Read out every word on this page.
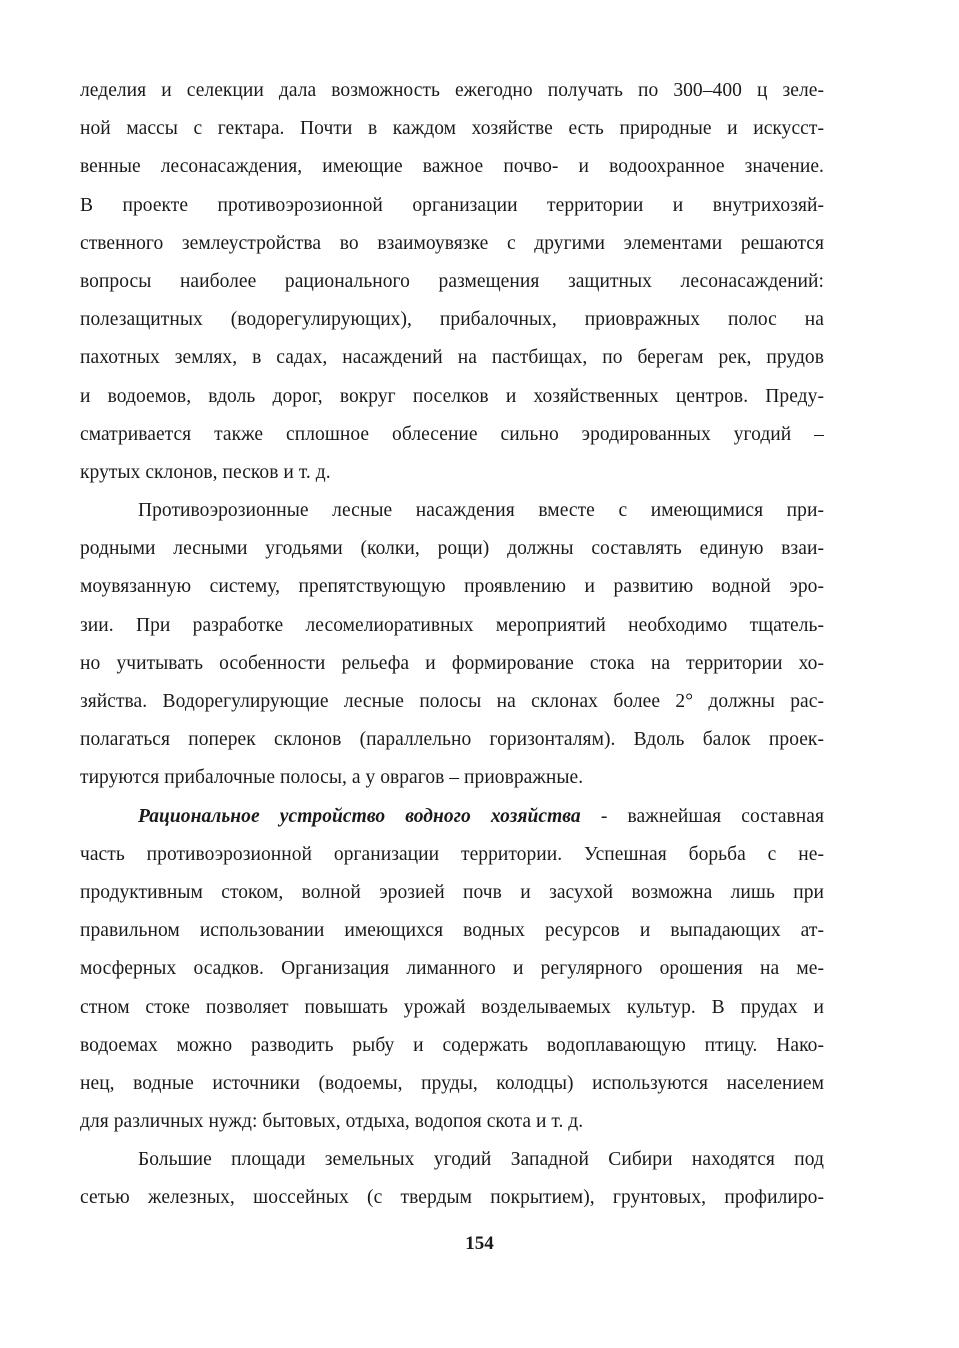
леделия и селекции дала возможность ежегодно получать по 300–400 ц зеле-
ной массы с гектара. Почти в каждом хозяйстве есть природные и искусст-
венные лесонасаждения, имеющие важное почво- и водоохранное значение.
В проекте противоэрозионной организации территории и внутрихозяй-
ственного землеустройства во взаимоувязке с другими элементами решаются
вопросы наиболее рационального размещения защитных лесонасаждений:
полезащитных (водорегулирующих), прибалочных, приовражных полос на
пахотных землях, в садах, насаждений на пастбищах, по берегам рек, прудов
и водоемов, вдоль дорог, вокруг поселков и хозяйственных центров. Преду-
сматривается также сплошное облесение сильно эродированных угодий –
крутых склонов, песков и т. д.
Противоэрозионные лесные насаждения вместе с имеющимися при-
родными лесными угодьями (колки, рощи) должны составлять единую взаи-
моувязанную систему, препятствующую проявлению и развитию водной эро-
зии. При разработке лесомелиоративных мероприятий необходимо тщатель-
но учитывать особенности рельефа и формирование стока на территории хо-
зяйства. Водорегулирующие лесные полосы на склонах более 2° должны рас-
полагаться поперек склонов (параллельно горизонталям). Вдоль балок проек-
тируются прибалочные полосы, а у оврагов – приовражные.
Рациональное устройство водного хозяйства - важнейшая составная
часть противоэрозионной организации территории. Успешная борьба с не-
продуктивным стоком, волной эрозией почв и засухой возможна лишь при
правильном использовании имеющихся водных ресурсов и выпадающих ат-
мосферных осадков. Организация лиманного и регулярного орошения на ме-
стном стоке позволяет повышать урожай возделываемых культур. В прудах и
водоемах можно разводить рыбу и содержать водоплавающую птицу. Нако-
нец, водные источники (водоемы, пруды, колодцы) используются населением
для различных нужд: бытовых, отдыха, водопоя скота и т. д.
Большие площади земельных угодий Западной Сибири находятся под
сетью железных, шоссейных (с твердым покрытием), грунтовых, профилиро-
154
